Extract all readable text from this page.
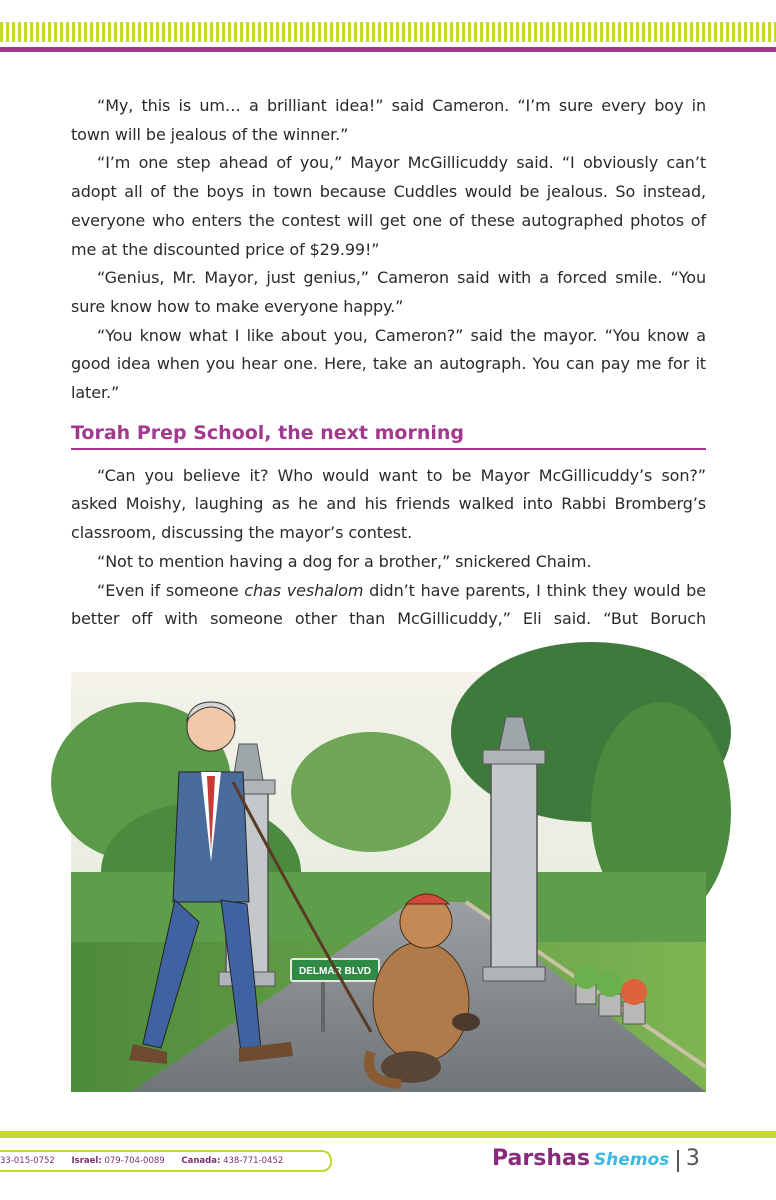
“My, this is um… a brilliant idea!” said Cameron. “I’m sure every boy in town will be jealous of the winner.”

“I’m one step ahead of you,” Mayor McGillicuddy said. “I obviously can’t adopt all of the boys in town because Cuddles would be jealous. So instead, everyone who enters the contest will get one of these autographed photos of me at the discounted price of $29.99!”

“Genius, Mr. Mayor, just genius,” Cameron said with a forced smile. “You sure know how to make everyone happy.”

“You know what I like about you, Cameron?” said the mayor. “You know a good idea when you hear one. Here, take an autograph. You can pay me for it later.”

Torah Prep School, the next morning

“Can you believe it? Who would want to be Mayor McGillicuddy’s son?” asked Moishy, laughing as he and his friends walked into Rabbi Bromberg’s classroom, discussing the mayor’s contest.

“Not to mention having a dog for a brother,” snickered Chaim.

“Even if someone chas veshalom didn’t have parents, I think they would be better off with someone other than McGillicuddy,” Eli said. “But Boruch

DELMAR BLVD
33-015-0752 Israel: 079-704-0089 Canada: 438-771-0452	Parshas Shemos 3
